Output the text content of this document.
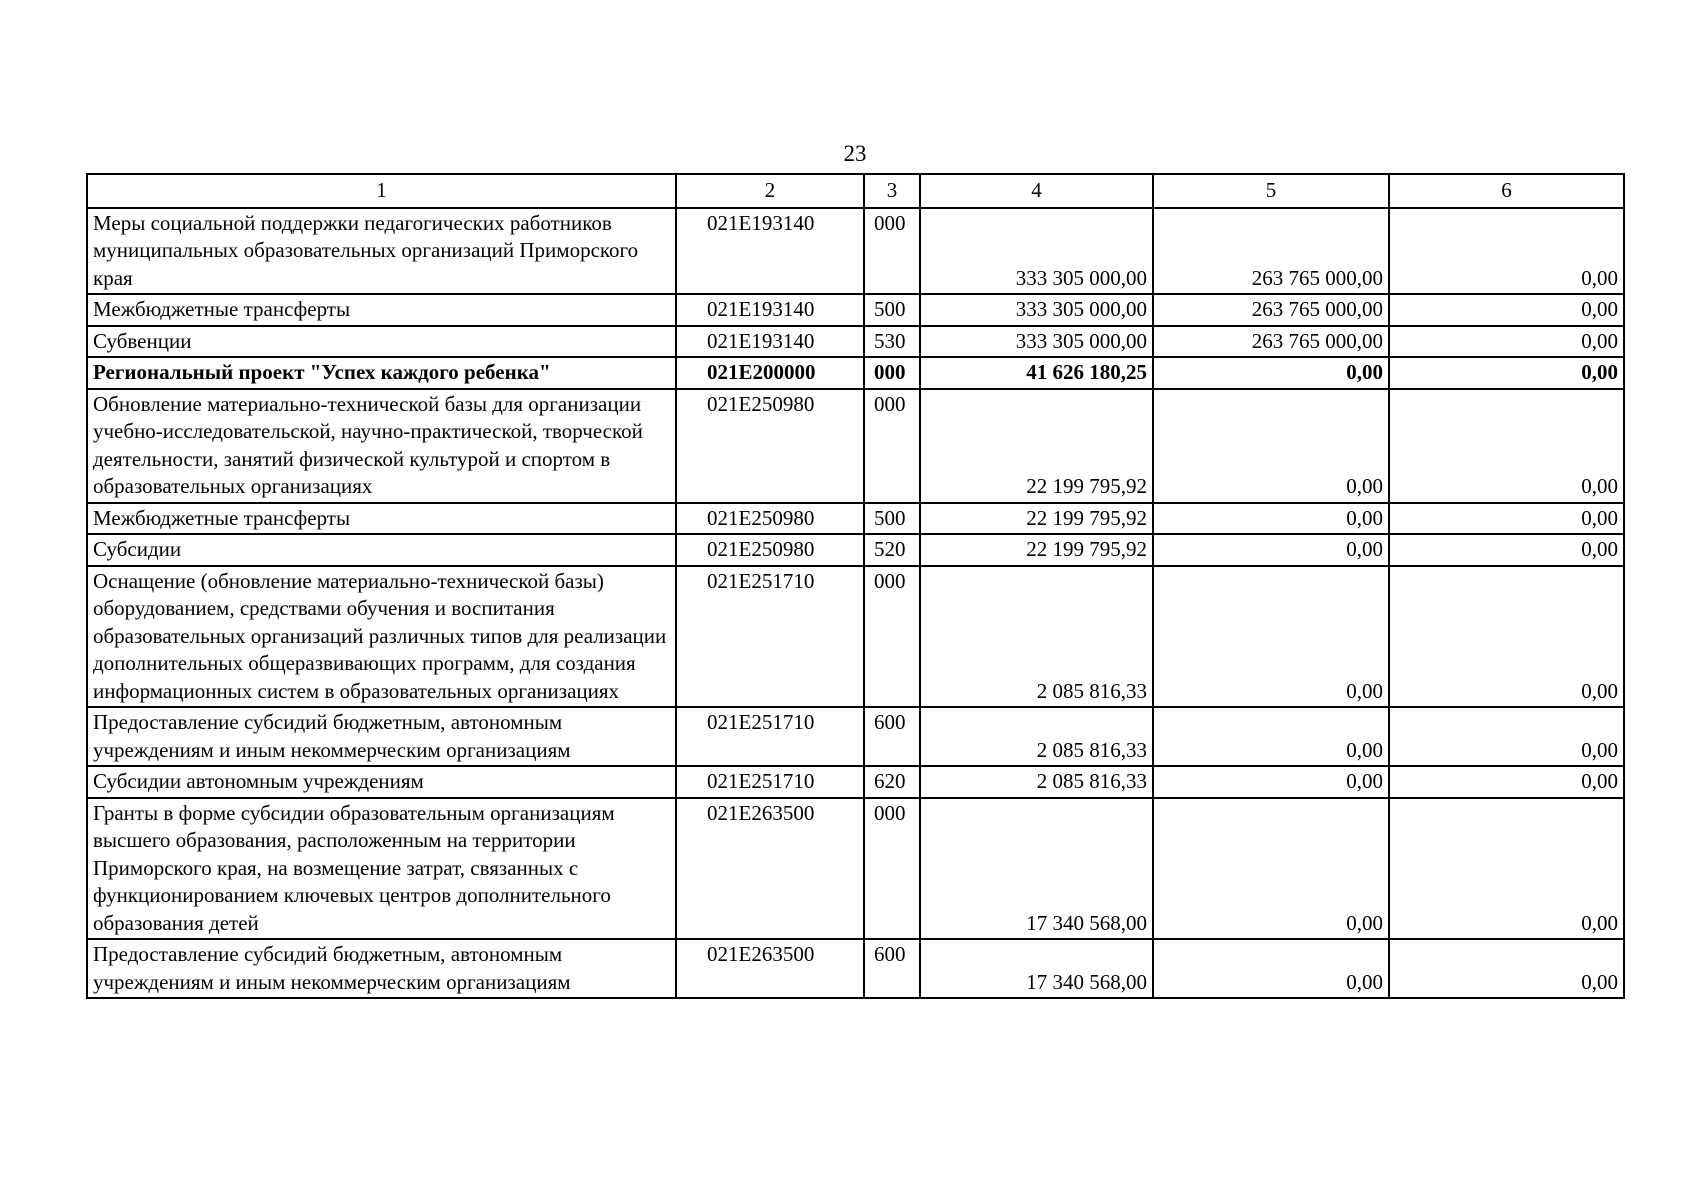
23
1	2	3	4	5	6
Меры социальной поддержки педагогических работников муниципальных образовательных организаций Приморского края	021E193140	000	333 305 000,00	263 765 000,00	0,00
Межбюджетные трансферты	021E193140	500	333 305 000,00	263 765 000,00	0,00
Субвенции	021E193140	530	333 305 000,00	263 765 000,00	0,00
Региональный проект "Успех каждого ребенка"	021E200000	000	41 626 180,25	0,00	0,00
Обновление материально-технической базы для организации учебно-исследовательской, научно-практической, творческой деятельности, занятий физической культурой и спортом в образовательных организациях	021E250980	000	22 199 795,92	0,00	0,00
Межбюджетные трансферты	021E250980	500	22 199 795,92	0,00	0,00
Субсидии	021E250980	520	22 199 795,92	0,00	0,00
Оснащение (обновление материально-технической базы) оборудованием, средствами обучения и воспитания образовательных организаций различных типов для реализации дополнительных общеразвивающих программ, для создания информационных систем в образовательных организациях	021E251710	000	2 085 816,33	0,00	0,00
Предоставление субсидий бюджетным, автономным учреждениям и иным некоммерческим организациям	021E251710	600	2 085 816,33	0,00	0,00
Субсидии автономным учреждениям	021E251710	620	2 085 816,33	0,00	0,00
Гранты в форме субсидии образовательным организациям высшего образования, расположенным на территории Приморского края, на возмещение затрат, связанных с функционированием ключевых центров дополнительного образования детей	021E263500	000	17 340 568,00	0,00	0,00
Предоставление субсидий бюджетным, автономным учреждениям и иным некоммерческим организациям	021E263500	600	17 340 568,00	0,00	0,00
